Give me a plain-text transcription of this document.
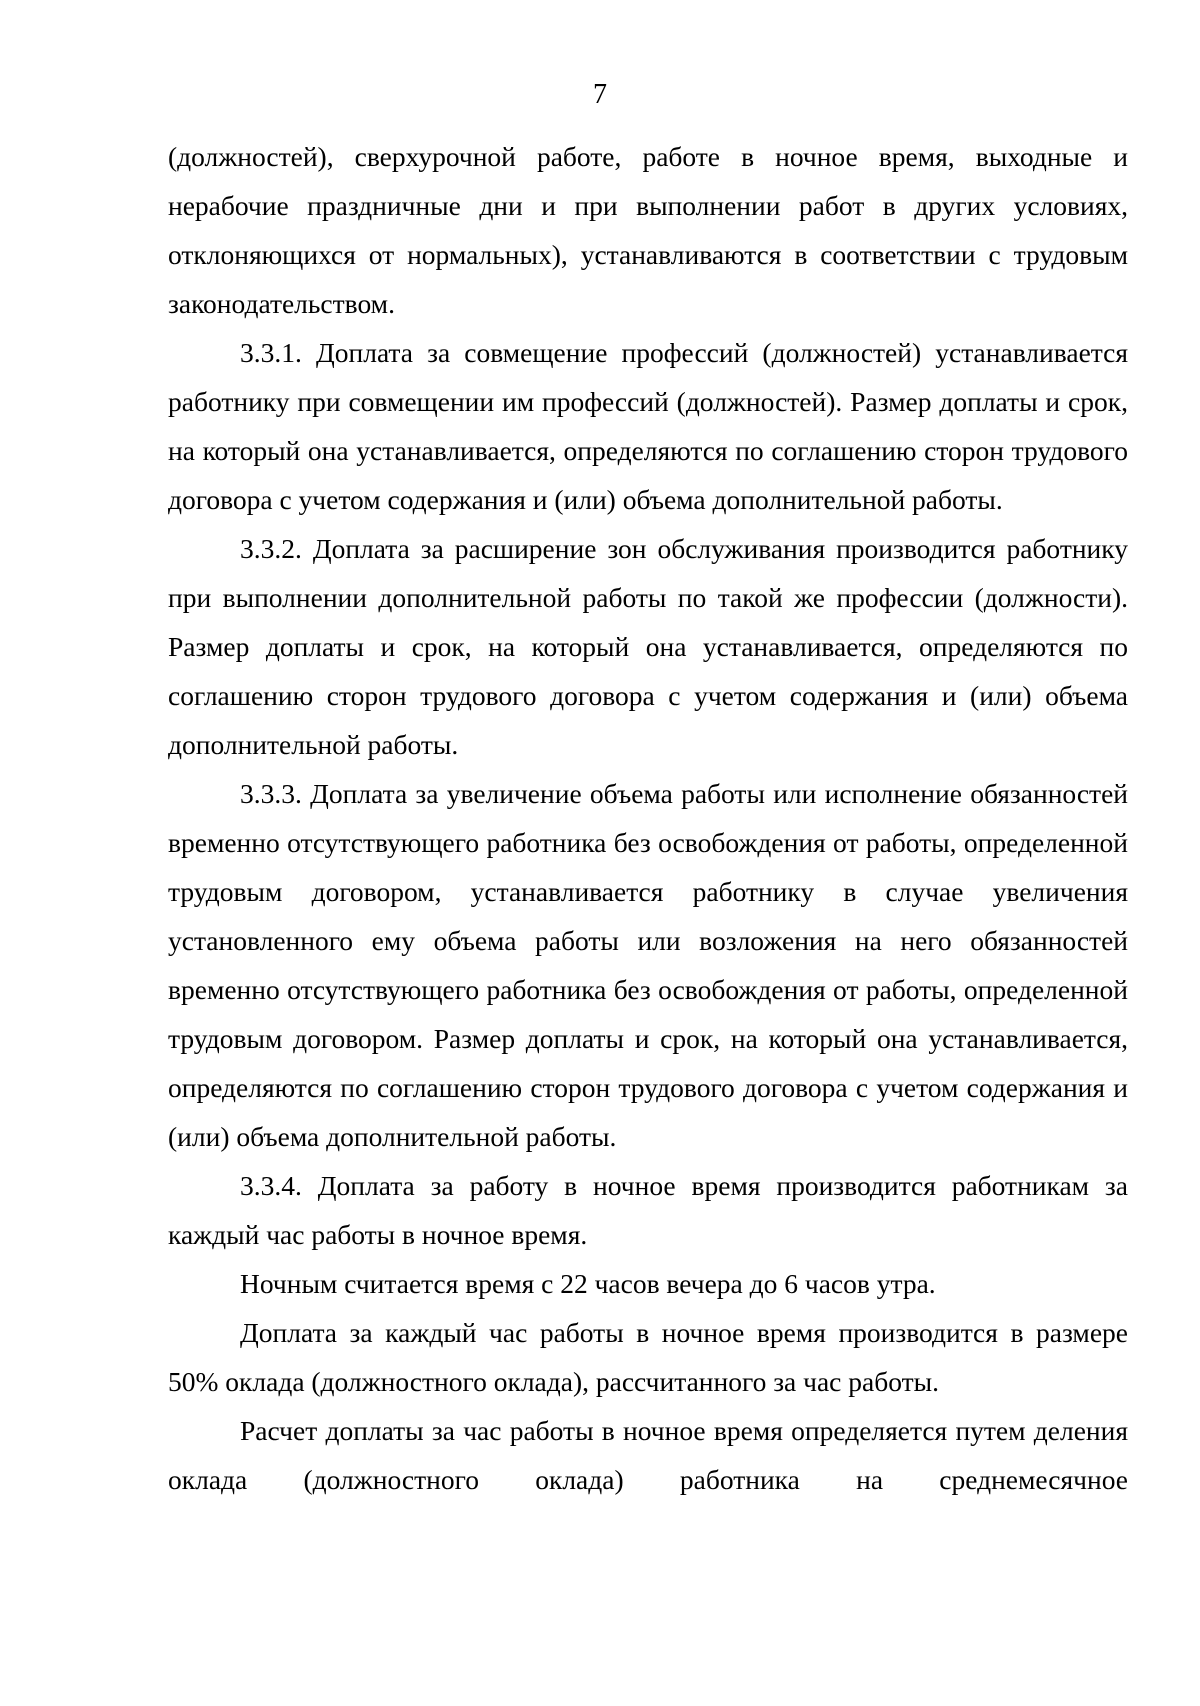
7

(должностей), сверхурочной работе, работе в ночное время, выходные и нерабочие праздничные дни и при выполнении работ в других условиях, отклоняющихся от нормальных), устанавливаются в соответствии с трудовым законодательством.

3.3.1. Доплата за совмещение профессий (должностей) устанавливается работнику при совмещении им профессий (должностей). Размер доплаты и срок, на который она устанавливается, определяются по соглашению сторон трудового договора с учетом содержания и (или) объема дополнительной работы.

3.3.2. Доплата за расширение зон обслуживания производится работнику при выполнении дополнительной работы по такой же профессии (должности). Размер доплаты и срок, на который она устанавливается, определяются по соглашению сторон трудового договора с учетом содержания и (или) объема дополнительной работы.

3.3.3. Доплата за увеличение объема работы или исполнение обязанностей временно отсутствующего работника без освобождения от работы, определенной трудовым договором, устанавливается работнику в случае увеличения установленного ему объема работы или возложения на него обязанностей временно отсутствующего работника без освобождения от работы, определенной трудовым договором. Размер доплаты и срок, на который она устанавливается, определяются по соглашению сторон трудового договора с учетом содержания и (или) объема дополнительной работы.

3.3.4. Доплата за работу в ночное время производится работникам за каждый час работы в ночное время.

Ночным считается время с 22 часов вечера до 6 часов утра.

Доплата за каждый час работы в ночное время производится в размере 50% оклада (должностного оклада), рассчитанного за час работы.

Расчет доплаты за час работы в ночное время определяется путем деления оклада (должностного оклада) работника на среднемесячное
